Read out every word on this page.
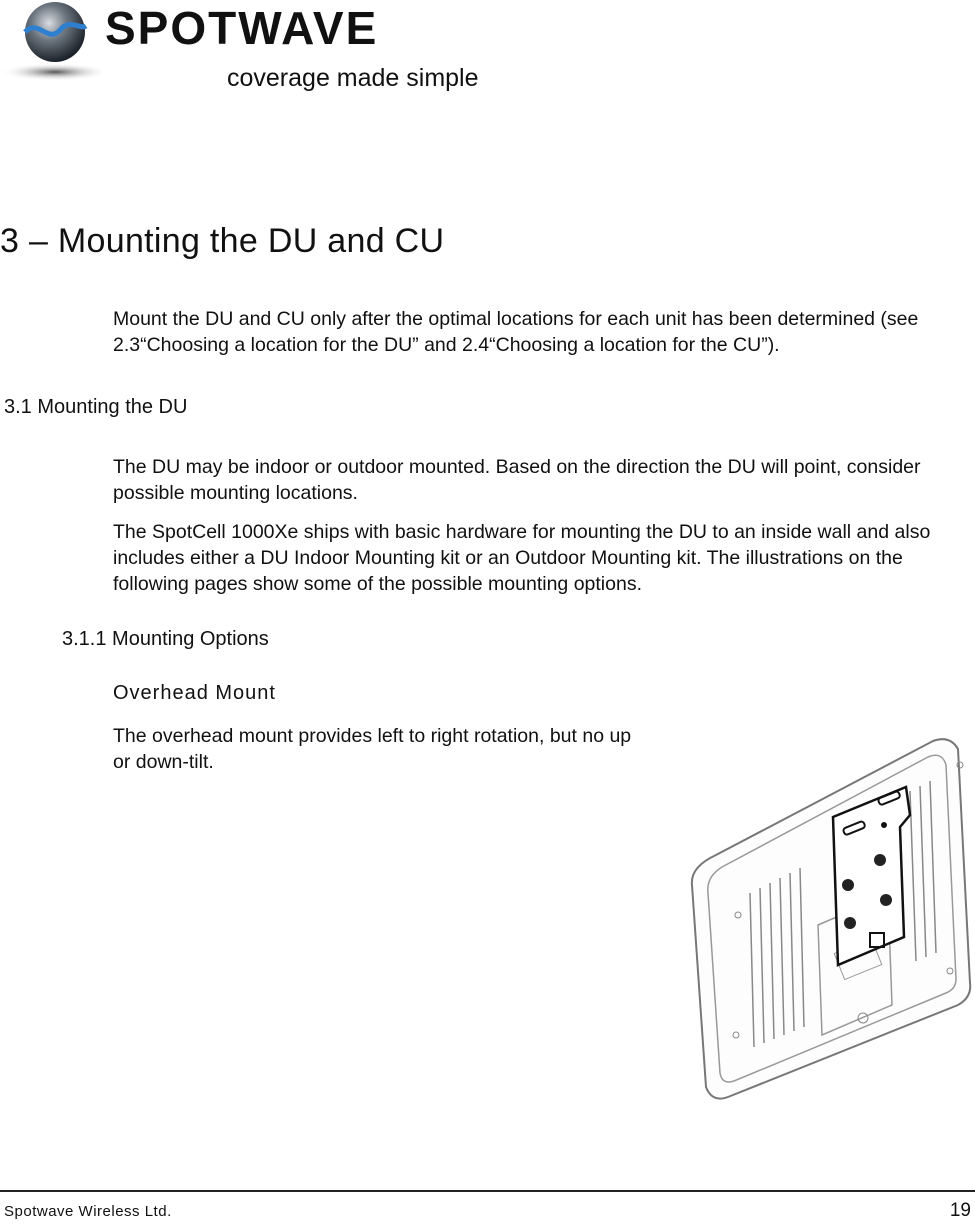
SPOTWAVE
coverage made simple
3 – Mounting the DU and CU

Mount the DU and CU only after the optimal locations for each unit has been determined (see 2.3“Choosing a location for the DU” and 2.4“Choosing a location for the CU”).

3.1 Mounting the DU

The DU may be indoor or outdoor mounted. Based on the direction the DU will point, consider possible mounting locations.

The SpotCell 1000Xe ships with basic hardware for mounting the DU to an inside wall and also includes either a DU Indoor Mounting kit or an Outdoor Mounting kit. The illustrations on the following pages show some of the possible mounting options.

3.1.1 Mounting Options
Overhead Mount

The overhead mount provides left to right rotation, but no up or down-tilt.

Spotwave Wireless Ltd.	19
